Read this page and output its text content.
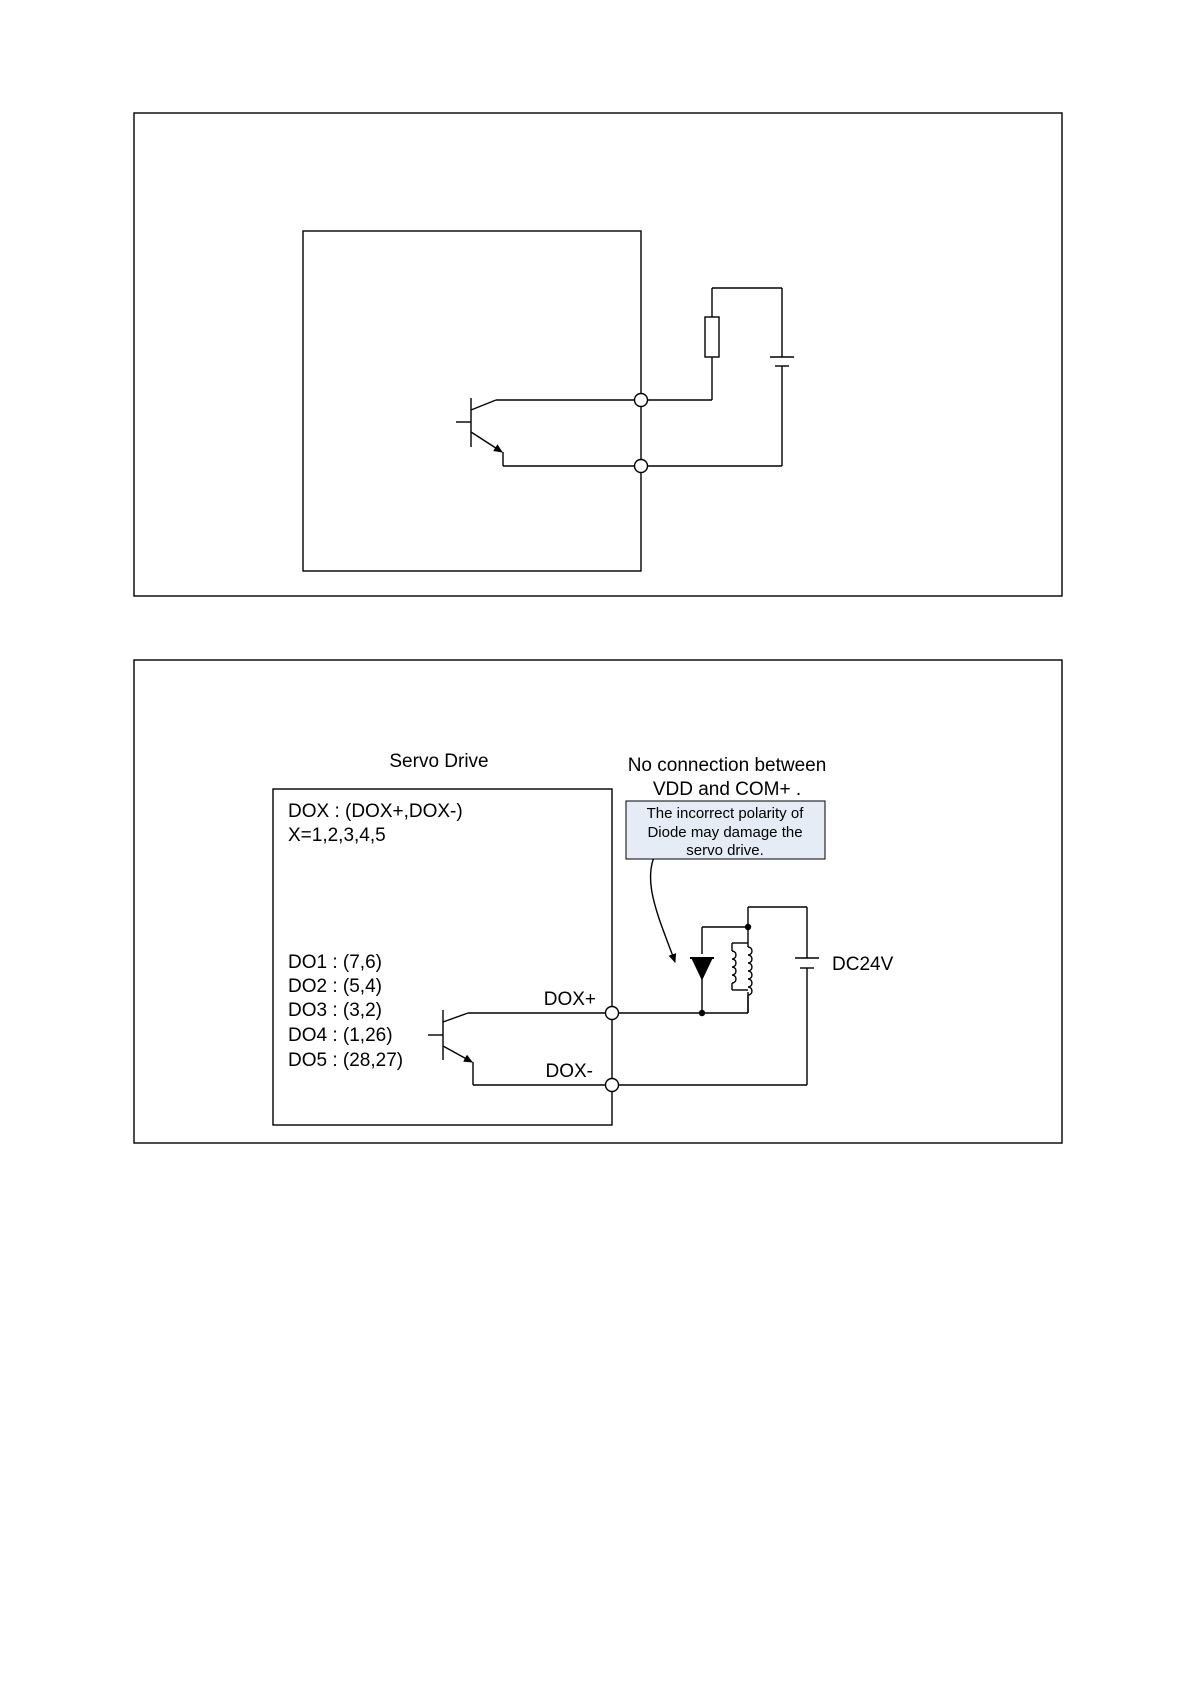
Servo Drive
DOX : (DOX+,DOX-)
X=1,2,3,4,5
DO1 : (7,6)
DO2 : (5,4)
DO3 : (3,2)
DO4 : (1,26)
DO5 : (28,27)
DOX+
DOX-
No connection between
VDD and COM+ .
The incorrect polarity of
Diode may damage the
servo drive.
DC24V
